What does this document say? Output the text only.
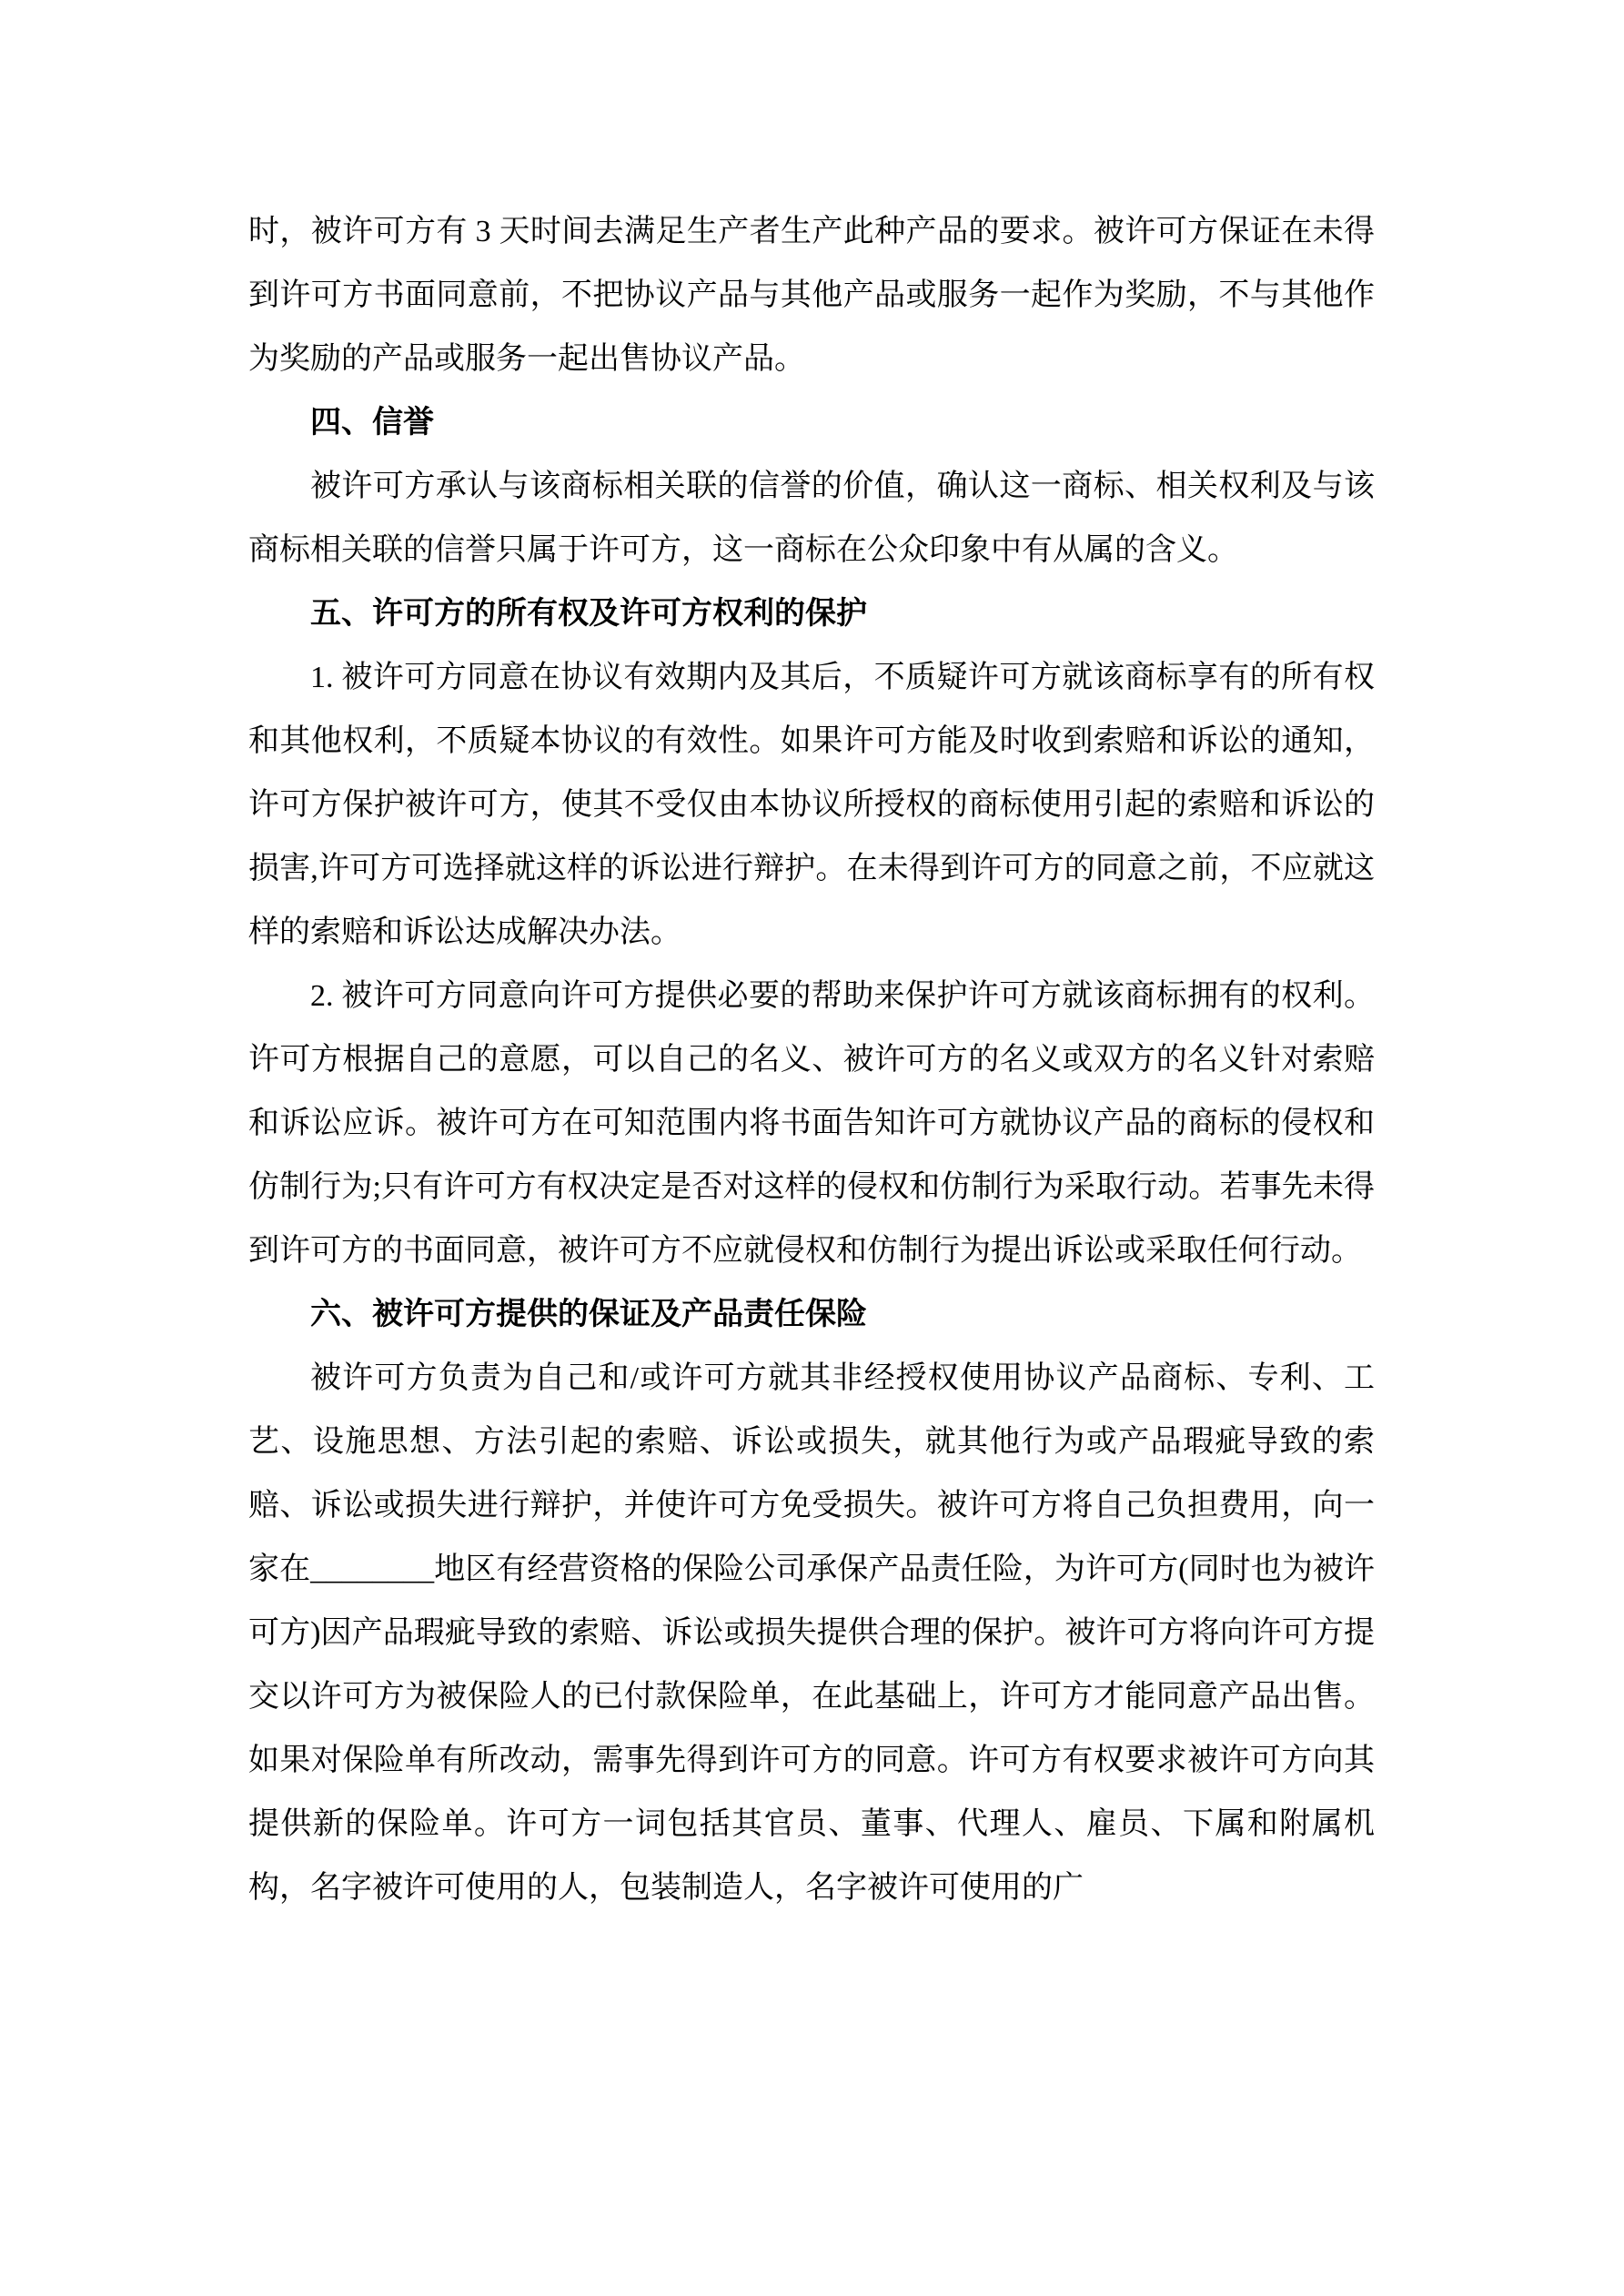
时，被许可方有 3 天时间去满足生产者生产此种产品的要求。被许可方保证在未得到许可方书面同意前，不把协议产品与其他产品或服务一起作为奖励，不与其他作为奖励的产品或服务一起出售协议产品。

四、信誉

被许可方承认与该商标相关联的信誉的价值，确认这一商标、相关权利及与该商标相关联的信誉只属于许可方，这一商标在公众印象中有从属的含义。

五、许可方的所有权及许可方权利的保护

1. 被许可方同意在协议有效期内及其后，不质疑许可方就该商标享有的所有权和其他权利，不质疑本协议的有效性。如果许可方能及时收到索赔和诉讼的通知，许可方保护被许可方，使其不受仅由本协议所授权的商标使用引起的索赔和诉讼的损害,许可方可选择就这样的诉讼进行辩护。在未得到许可方的同意之前，不应就这样的索赔和诉讼达成解决办法。

2. 被许可方同意向许可方提供必要的帮助来保护许可方就该商标拥有的权利。许可方根据自己的意愿，可以自己的名义、被许可方的名义或双方的名义针对索赔和诉讼应诉。被许可方在可知范围内将书面告知许可方就协议产品的商标的侵权和仿制行为;只有许可方有权决定是否对这样的侵权和仿制行为采取行动。若事先未得到许可方的书面同意，被许可方不应就侵权和仿制行为提出诉讼或采取任何行动。

六、被许可方提供的保证及产品责任保险

被许可方负责为自己和/或许可方就其非经授权使用协议产品商标、专利、工艺、设施思想、方法引起的索赔、诉讼或损失，就其他行为或产品瑕疵导致的索赔、诉讼或损失进行辩护，并使许可方免受损失。被许可方将自己负担费用，向一家在________地区有经营资格的保险公司承保产品责任险，为许可方(同时也为被许可方)因产品瑕疵导致的索赔、诉讼或损失提供合理的保护。被许可方将向许可方提交以许可方为被保险人的已付款保险单，在此基础上，许可方才能同意产品出售。如果对保险单有所改动，需事先得到许可方的同意。许可方有权要求被许可方向其提供新的保险单。许可方一词包括其官员、董事、代理人、雇员、下属和附属机构，名字被许可使用的人，包装制造人，名字被许可使用的广
